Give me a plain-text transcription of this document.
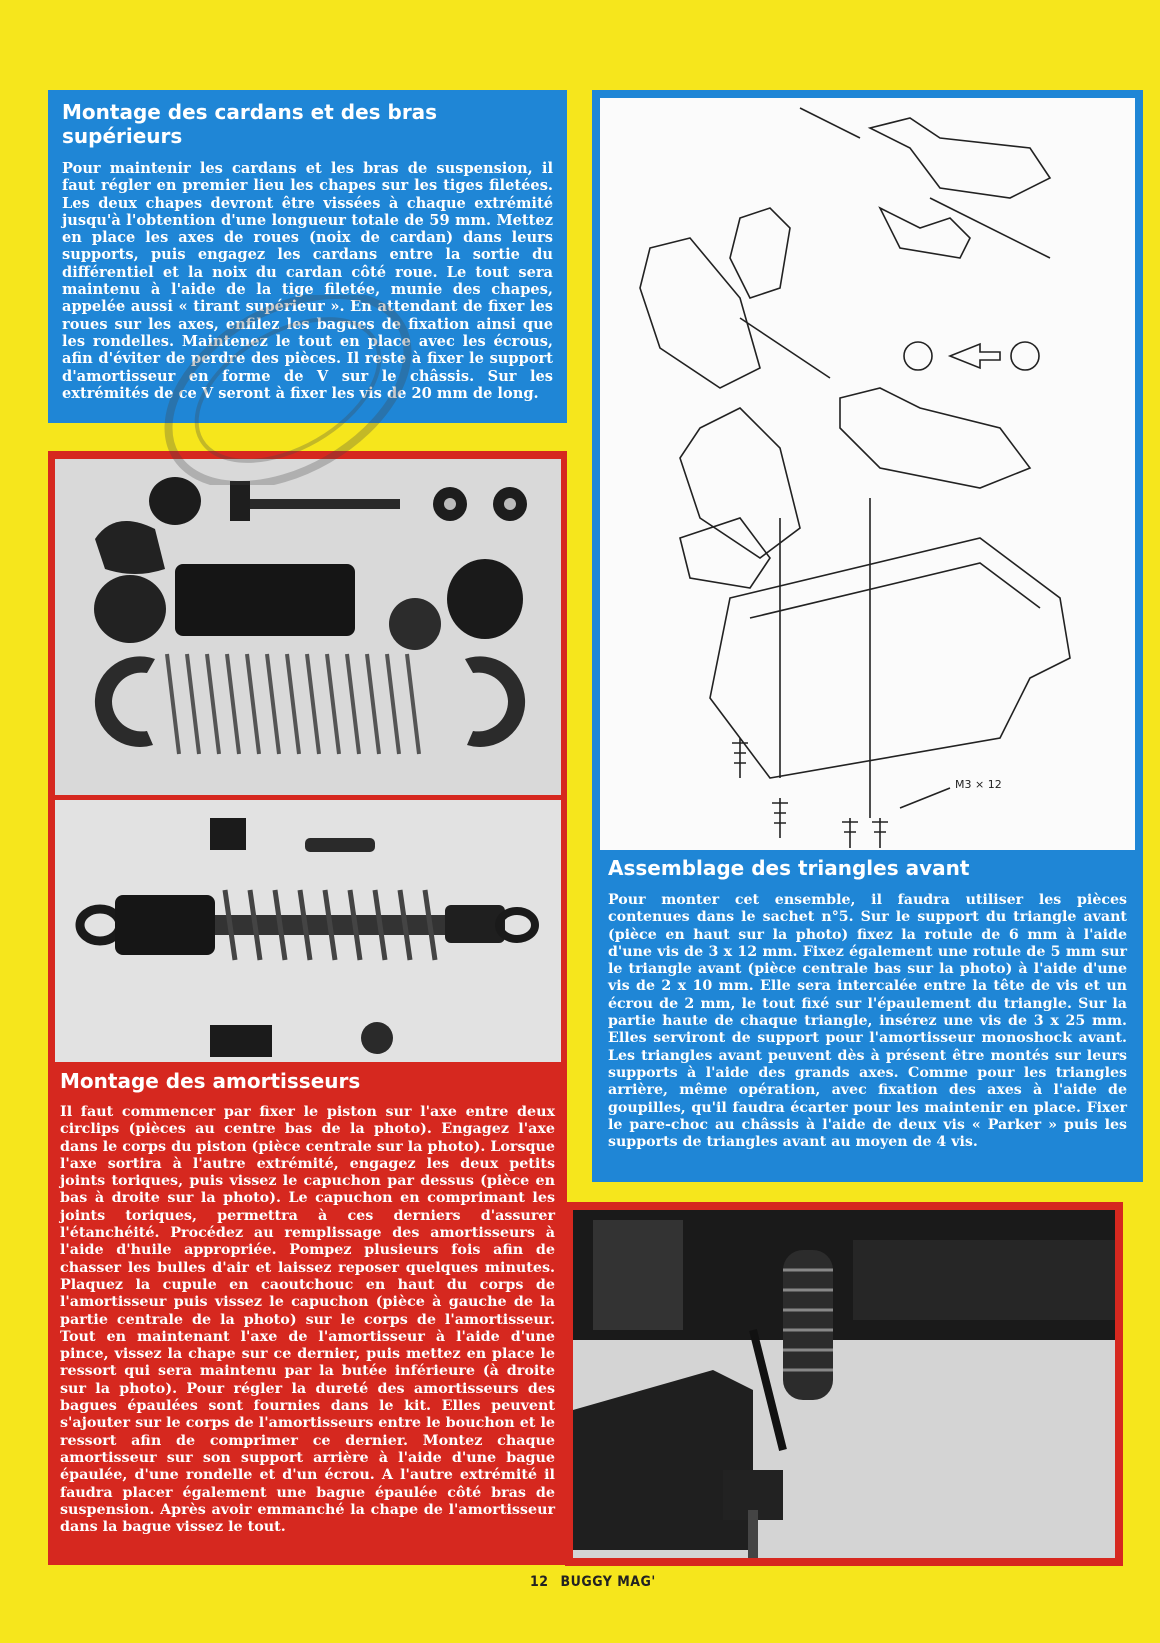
Montage des cardans et des bras supérieurs

Pour maintenir les cardans et les bras de suspension, il faut régler en premier lieu les chapes sur les tiges filetées. Les deux chapes devront être vissées à chaque extrémité jusqu'à l'obtention d'une longueur totale de 59 mm. Mettez en place les axes de roues (noix de cardan) dans leurs supports, puis engagez les cardans entre la sortie du différentiel et la noix du cardan côté roue. Le tout sera maintenu à l'aide de la tige filetée, munie des chapes, appelée aussi « tirant supérieur ». En attendant de fixer les roues sur les axes, enfilez les bagues de fixation ainsi que les rondelles. Maintenez le tout en place avec les écrous, afin d'éviter de perdre des pièces. Il reste à fixer le support d'amortisseur en forme de V sur le châssis. Sur les extrémités de ce V seront à fixer les vis de 20 mm de long.

Montage des amortisseurs

Il faut commencer par fixer le piston sur l'axe entre deux circlips (pièces au centre bas de la photo). Engagez l'axe dans le corps du piston (pièce centrale sur la photo). Lorsque l'axe sortira à l'autre extrémité, engagez les deux petits joints toriques, puis vissez le capuchon par dessus (pièce en bas à droite sur la photo). Le capuchon en comprimant les joints toriques, permettra à ces derniers d'assurer l'étanchéité. Procédez au remplissage des amortisseurs à l'aide d'huile appropriée. Pompez plusieurs fois afin de chasser les bulles d'air et laissez reposer quelques minutes. Plaquez la cupule en caoutchouc en haut du corps de l'amortisseur puis vissez le capuchon (pièce à gauche de la partie centrale de la photo) sur le corps de l'amortisseur. Tout en maintenant l'axe de l'amortisseur à l'aide d'une pince, vissez la chape sur ce dernier, puis mettez en place le ressort qui sera maintenu par la butée inférieure (à droite sur la photo). Pour régler la dureté des amortisseurs des bagues épaulées sont fournies dans le kit. Elles peuvent s'ajouter sur le corps de l'amortisseurs entre le bouchon et le ressort afin de comprimer ce dernier. Montez chaque amortisseur sur son support arrière à l'aide d'une bague épaulée, d'une rondelle et d'un écrou. A l'autre extrémité il faudra placer également une bague épaulée côté bras de suspension. Après avoir emmanché la chape de l'amortisseur dans la bague vissez le tout.

M3 × 12
Assemblage des triangles avant

Pour monter cet ensemble, il faudra utiliser les pièces contenues dans le sachet n°5. Sur le support du triangle avant (pièce en haut sur la photo) fixez la rotule de 6 mm à l'aide d'une vis de 3 x 12 mm. Fixez également une rotule de 5 mm sur le triangle avant (pièce centrale bas sur la photo) à l'aide d'une vis de 2 x 10 mm. Elle sera intercalée entre la tête de vis et un écrou de 2 mm, le tout fixé sur l'épaulement du triangle. Sur la partie haute de chaque triangle, insérez une vis de 3 x 25 mm. Elles serviront de support pour l'amortisseur monoshock avant. Les triangles avant peuvent dès à présent être montés sur leurs supports à l'aide des grands axes. Comme pour les triangles arrière, même opération, avec fixation des axes à l'aide de goupilles, qu'il faudra écarter pour les maintenir en place. Fixer le pare-choc au châssis à l'aide de deux vis « Parker » puis les supports de triangles avant au moyen de 4 vis.

12 BUGGY MAG'
